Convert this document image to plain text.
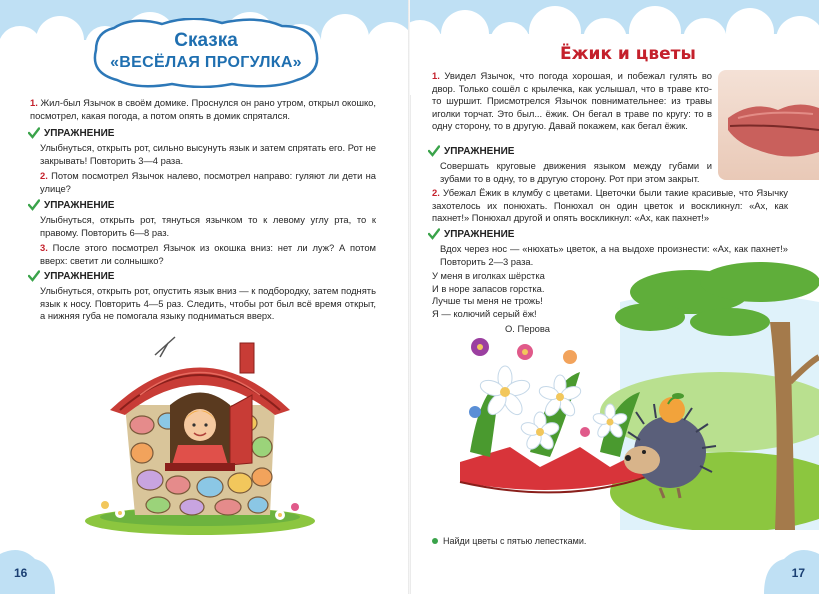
Сказка
«ВЕСЁЛАЯ ПРОГУЛКА»
1. Жил-был Язычок в своём домике. Проснулся он рано утром, открыл окошко, посмотрел, какая погода, а потом опять в домик спрятался.
УПРАЖНЕНИЕ
Улыбнуться, открыть рот, сильно высунуть язык и затем спрятать его. Рот не закрывать! Повторить 3—4 раза.
2. Потом посмотрел Язычок налево, посмотрел направо: гуляют ли дети на улице?
УПРАЖНЕНИЕ
Улыбнуться, открыть рот, тянуться язычком то к левому углу рта, то к правому. Повторить 6—8 раз.
3. После этого посмотрел Язычок из окошка вниз: нет ли луж? А потом вверх: светит ли солнышко?
УПРАЖНЕНИЕ
Улыбнуться, открыть рот, опустить язык вниз — к подбородку, затем поднять язык к носу. Повторить 4—5 раз. Следить, чтобы рот был всё время открыт, а нижняя губа не помогала языку подниматься вверх.
16
Ёжик и цветы
1. Увидел Язычок, что погода хорошая, и побежал гулять во двор. Только сошёл с крылечка, как услышал, что в траве кто-то шуршит. Присмотрелся Язычок повнимательнее: из травы иголки торчат. Это был... ёжик. Он бегал в траве по кругу: то в одну сторону, то в другую. Давай покажем, как бегал ёжик.
УПРАЖНЕНИЕ
Совершать круговые движения языком между губами и зубами то в одну, то в другую сторону. Рот при этом закрыт.
2. Убежал Ёжик в клумбу с цветами. Цветочки были такие красивые, что Язычку захотелось их понюхать. Понюхал он один цветок и воскликнул: «Ах, как пахнет!» Понюхал другой и опять воскликнул: «Ах, как пахнет!»
УПРАЖНЕНИЕ
Вдох через нос — «нюхать» цветок, а на выдохе произнести: «Ах, как пахнет!» Повторить 2—3 раза.
У меня в иголках шёрстка
И в норе запасов горстка.
Лучше ты меня не трожь!
Я — колючий серый ёж!
О. Перова
Найди цветы с пятью лепестками.
17
